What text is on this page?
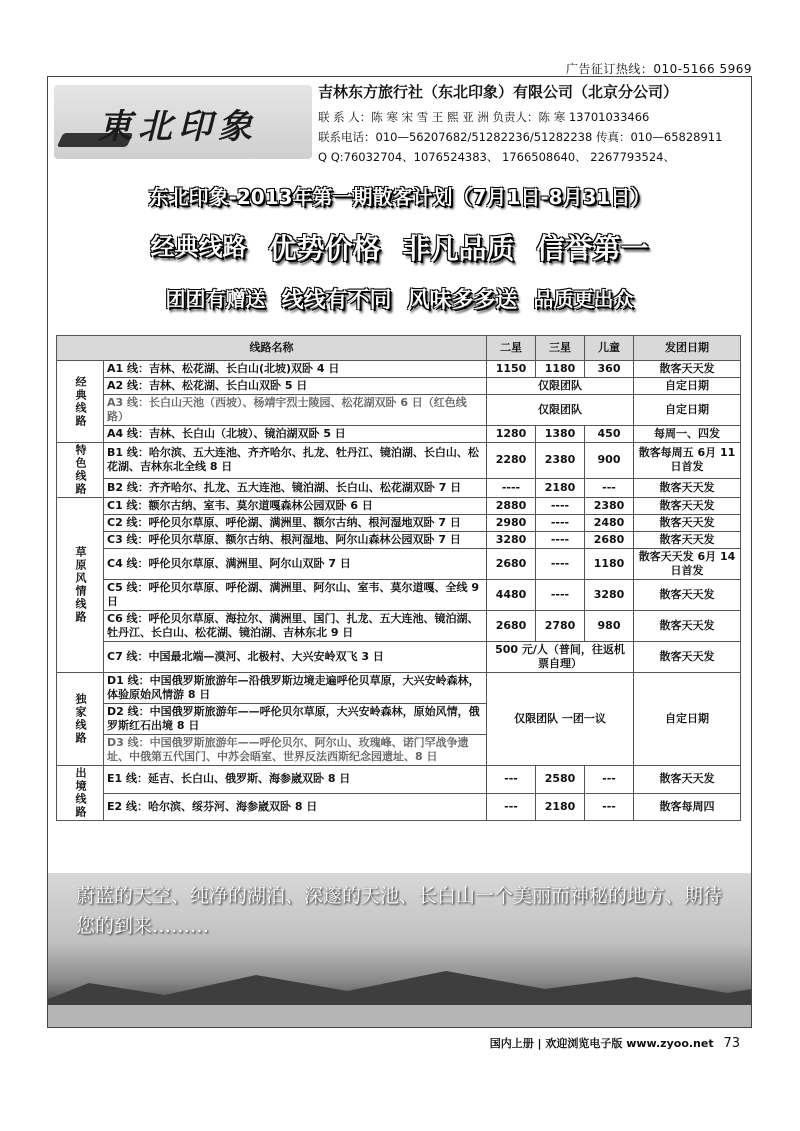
广告征订热线：010-5166 5969
東北印象
吉林东方旅行社（东北印象）有限公司（北京分公司）
联 系 人：陈 寒 宋 雪 王 熙 亚 洲 负责人：陈 寒 13701033466
联系电话：010—56207682/51282236/51282238 传真：010—65828911
Q Q:76032704、1076524383、 1766508640、 2267793524、
东北印象-2013年第一期散客计划（7月1日-8月31日）
经典线路 优势价格 非凡品质 信誉第一
团团有赠送 线线有不同 风味多多送 品质更出众
线路名称		二星	三星	儿童	发团日期
经典线路	A1 线：吉林、松花湖、长白山(北坡)双卧 4 日	1150	1180	360	散客天天发
	A2 线：吉林、松花湖、长白山双卧 5 日	仅限团队			自定日期
	A3 线：长白山天池（西坡）、杨靖宇烈士陵园、松花湖双卧 6 日（红色线路）	仅限团队			自定日期
	A4 线：吉林、长白山（北坡）、镜泊湖双卧 5 日	1280	1380	450	每周一、四发
特色线路	B1 线：哈尔滨、五大连池、齐齐哈尔、扎龙、牡丹江、镜泊湖、长白山、松花湖、吉林东北全线 8 日	2280	2380	900	散客每周五 6月 11 日首发
	B2 线：齐齐哈尔、扎龙、五大连池、镜泊湖、长白山、松花湖双卧 7 日	----	2180	---	散客天天发
草原风情线路	C1 线：额尔古纳、室韦、莫尔道嘎森林公园双卧 6 日	2880	----	2380	散客天天发
	C2 线：呼伦贝尔草原、呼伦湖、满洲里、额尔古纳、根河湿地双卧 7 日	2980	----	2480	散客天天发
	C3 线：呼伦贝尔草原、额尔古纳、根河湿地、阿尔山森林公园双卧 7 日	3280	----	2680	散客天天发
	C4 线：呼伦贝尔草原、满洲里、阿尔山双卧 7 日	2680	----	1180	散客天天发 6月 14 日首发
	C5 线：呼伦贝尔草原、呼伦湖、满洲里、阿尔山、室韦、莫尔道嘎、全线 9 日	4480	----	3280	散客天天发
	C6 线：呼伦贝尔草原、海拉尔、满洲里、国门、扎龙、五大连池、镜泊湖、牡丹江、长白山、松花湖、镜泊湖、吉林东北 9 日	2680	2780	980	散客天天发
	C7 线：中国最北端—漠河、北极村、大兴安岭双飞 3 日	500 元/人（普间，往返机票自理）			散客天天发
独家线路	D1 线：中国俄罗斯旅游年—沿俄罗斯边境走遍呼伦贝草原，大兴安岭森林，体验原始风情游 8 日	仅限团队 一团一议			自定日期
	D2 线：中国俄罗斯旅游年——呼伦贝尔草原，大兴安岭森林，原始风情，俄罗斯红石出境 8 日				
	D3 线：中国俄罗斯旅游年——呼伦贝尔、阿尔山、玫瑰峰、诺门罕战争遗址、中俄第五代国门、中苏会晤室、世界反法西斯纪念园遗址、8 日				
出境线路	E1 线：延吉、长白山、俄罗斯、海参崴双卧 8 日	---	2580	---	散客天天发
	E2 线：哈尔滨、绥芬河、海参崴双卧 8 日	---	2180	---	散客每周四
蔚蓝的天空、纯净的湖泊、深邃的天池、长白山一个美丽而神秘的地方、期待您的到来………
国内上册 | 欢迎浏览电子版 www.zyoo.net 73
